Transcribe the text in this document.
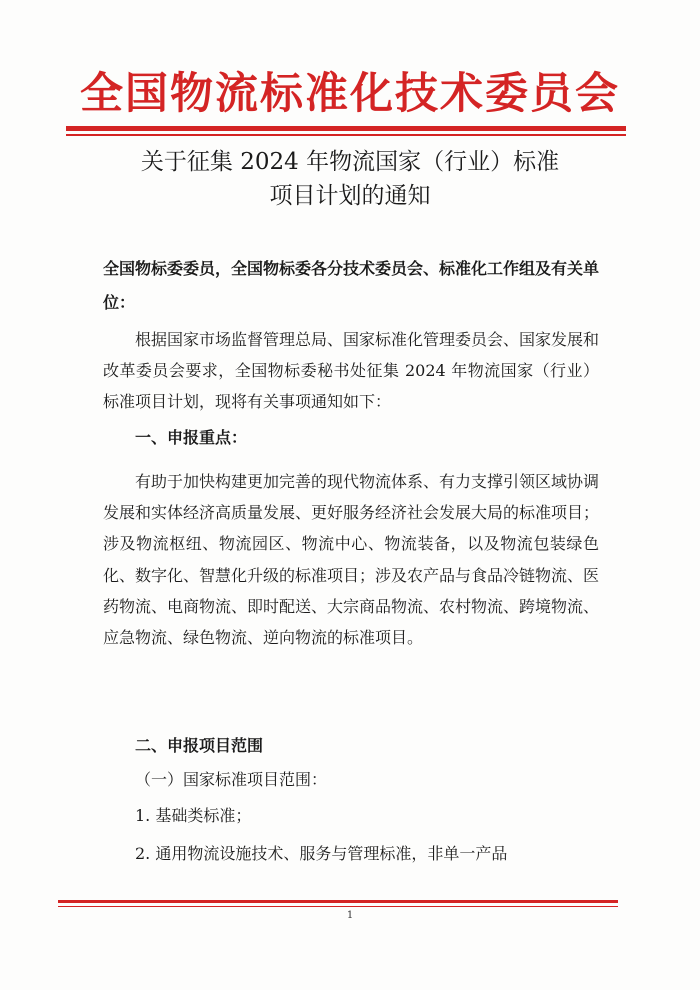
全国物流标准化技术委员会
关于征集 2024 年物流国家（行业）标准
项目计划的通知
全国物标委委员，全国物标委各分技术委员会、标准化工作组及有关单位：
根据国家市场监督管理总局、国家标准化管理委员会、国家发展和改革委员会要求，全国物标委秘书处征集 2024 年物流国家（行业）标准项目计划，现将有关事项通知如下：
一、申报重点：
有助于加快构建更加完善的现代物流体系、有力支撑引领区域协调发展和实体经济高质量发展、更好服务经济社会发展大局的标准项目；涉及物流枢纽、物流园区、物流中心、物流装备，以及物流包装绿色化、数字化、智慧化升级的标准项目；涉及农产品与食品冷链物流、医药物流、电商物流、即时配送、大宗商品物流、农村物流、跨境物流、应急物流、绿色物流、逆向物流的标准项目。
二、申报项目范围
（一）国家标准项目范围：
1. 基础类标准；
2. 通用物流设施技术、服务与管理标准，非单一产品
1
